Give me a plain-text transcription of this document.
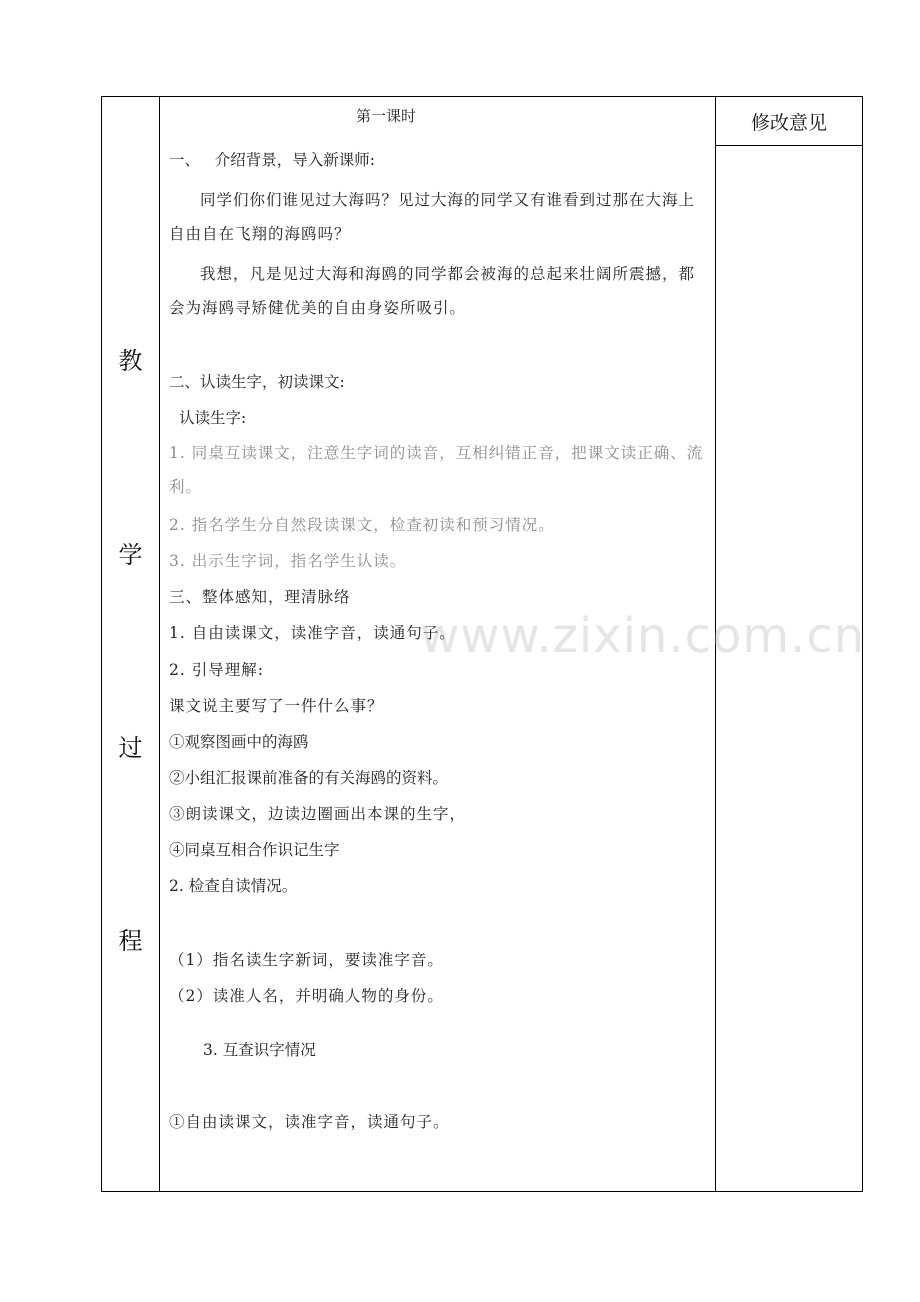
教
学
过
程
修改意见
www.zixin.com.cn
第一课时
一、   介绍背景，导入新课师:
同学们你们谁见过大海吗？见过大海的同学又有谁看到过那在大海上自由自在飞翔的海鸥吗？
我想，凡是见过大海和海鸥的同学都会被海的总起来壮阔所震撼，都会为海鸥寻矫健优美的自由身姿所吸引。
二、认读生字，初读课文:
认读生字:
1. 同桌互读课文，注意生字词的读音，互相纠错正音，把课文读正确、流利。
2. 指名学生分自然段读课文，检查初读和预习情况。
3. 出示生字词，指名学生认读。
三、整体感知，理清脉络
1. 自由读课文，读准字音，读通句子。
2. 引导理解:
课文说主要写了一件什么事？
①观察图画中的海鸥
②小组汇报课前准备的有关海鸥的资料。
③朗读课文，边读边圈画出本课的生字，
④同桌互相合作识记生字
2. 检查自读情况。
（1）指名读生字新词，要读准字音。
（2）读准人名，并明确人物的身份。
3. 互查识字情况
①自由读课文，读准字音，读通句子。
